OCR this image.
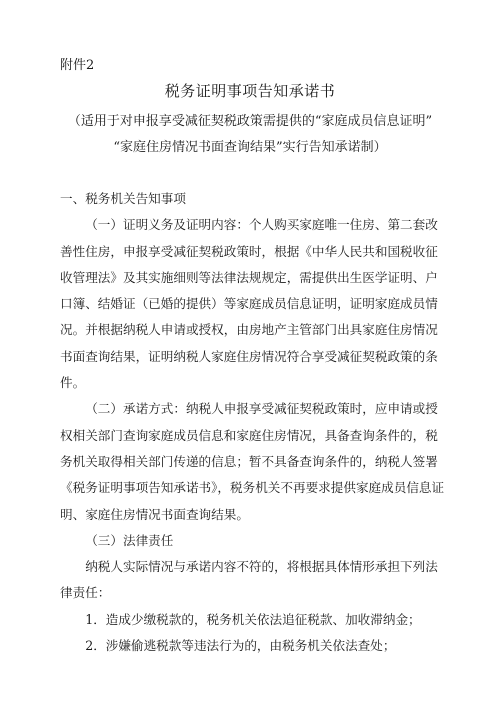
附件2
税务证明事项告知承诺书
（适用于对申报享受减征契税政策需提供的“家庭成员信息证明”
“家庭住房情况书面查询结果”实行告知承诺制）

一、税务机关告知事项

（一）证明义务及证明内容：个人购买家庭唯一住房、第二套改善性住房，申报享受减征契税政策时，根据《中华人民共和国税收征收管理法》及其实施细则等法律法规规定，需提供出生医学证明、户口簿、结婚证（已婚的提供）等家庭成员信息证明，证明家庭成员情况。并根据纳税人申请或授权，由房地产主管部门出具家庭住房情况书面查询结果，证明纳税人家庭住房情况符合享受减征契税政策的条件。

（二）承诺方式：纳税人申报享受减征契税政策时，应申请或授权相关部门查询家庭成员信息和家庭住房情况，具备查询条件的，税务机关取得相关部门传递的信息；暂不具备查询条件的，纳税人签署《税务证明事项告知承诺书》，税务机关不再要求提供家庭成员信息证明、家庭住房情况书面查询结果。

（三）法律责任

纳税人实际情况与承诺内容不符的，将根据具体情形承担下列法律责任：

1．造成少缴税款的，税务机关依法追征税款、加收滞纳金；

2．涉嫌偷逃税款等违法行为的，由税务机关依法查处；
